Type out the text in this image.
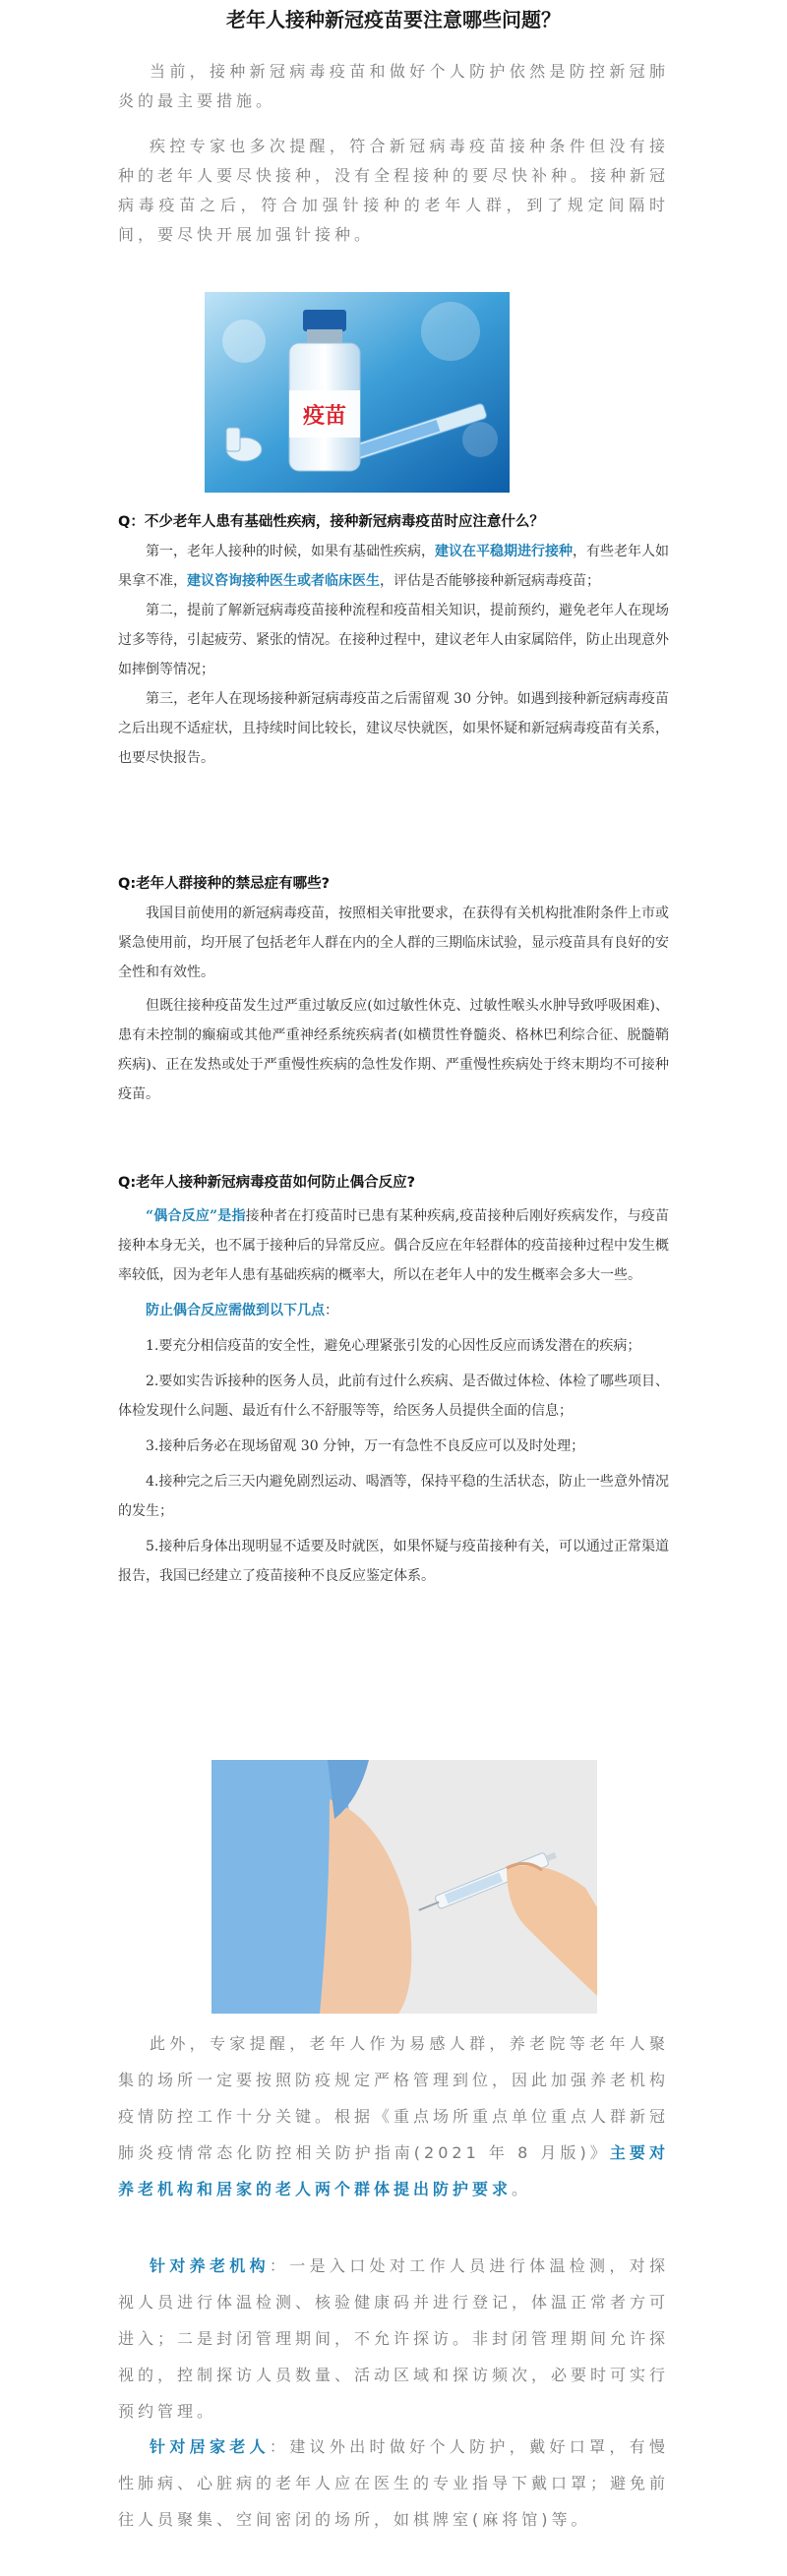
老年人接种新冠疫苗要注意哪些问题？

当前，接种新冠病毒疫苗和做好个人防护依然是防控新冠肺炎的最主要措施。

疾控专家也多次提醒，符合新冠病毒疫苗接种条件但没有接种的老年人要尽快接种，没有全程接种的要尽快补种。接种新冠病毒疫苗之后，符合加强针接种的老年人群，到了规定间隔时间，要尽快开展加强针接种。

疫苗
Q：不少老年人患有基础性疾病，接种新冠病毒疫苗时应注意什么？

第一，老年人接种的时候，如果有基础性疾病，建议在平稳期进行接种，有些老年人如果拿不准，建议咨询接种医生或者临床医生，评估是否能够接种新冠病毒疫苗；

第二，提前了解新冠病毒疫苗接种流程和疫苗相关知识，提前预约，避免老年人在现场过多等待，引起疲劳、紧张的情况。在接种过程中，建议老年人由家属陪伴，防止出现意外如摔倒等情况；

第三，老年人在现场接种新冠病毒疫苗之后需留观 30 分钟。如遇到接种新冠病毒疫苗之后出现不适症状，且持续时间比较长，建议尽快就医，如果怀疑和新冠病毒疫苗有关系，也要尽快报告。

Q:老年人群接种的禁忌症有哪些?

我国目前使用的新冠病毒疫苗，按照相关审批要求，在获得有关机构批准附条件上市或紧急使用前，均开展了包括老年人群在内的全人群的三期临床试验，显示疫苗具有良好的安全性和有效性。

但既往接种疫苗发生过严重过敏反应(如过敏性休克、过敏性喉头水肿导致呼吸困难)、患有未控制的癫痫或其他严重神经系统疾病者(如横贯性脊髓炎、格林巴利综合征、脱髓鞘疾病)、正在发热或处于严重慢性疾病的急性发作期、严重慢性疾病处于终末期均不可接种疫苗。

Q:老年人接种新冠病毒疫苗如何防止偶合反应?

“偶合反应”是指接种者在打疫苗时已患有某种疾病,疫苗接种后刚好疾病发作，与疫苗接种本身无关，也不属于接种后的异常反应。偶合反应在年轻群体的疫苗接种过程中发生概率较低，因为老年人患有基础疾病的概率大，所以在老年人中的发生概率会多大一些。

防止偶合反应需做到以下几点：

1.要充分相信疫苗的安全性，避免心理紧张引发的心因性反应而诱发潜在的疾病；

2.要如实告诉接种的医务人员，此前有过什么疾病、是否做过体检、体检了哪些项目、体检发现什么问题、最近有什么不舒服等等，给医务人员提供全面的信息；

3.接种后务必在现场留观 30 分钟，万一有急性不良反应可以及时处理；

4.接种完之后三天内避免剧烈运动、喝酒等，保持平稳的生活状态，防止一些意外情况的发生；

5.接种后身体出现明显不适要及时就医，如果怀疑与疫苗接种有关，可以通过正常渠道报告，我国已经建立了疫苗接种不良反应鉴定体系。

此外，专家提醒，老年人作为易感人群，养老院等老年人聚集的场所一定要按照防疫规定严格管理到位，因此加强养老机构疫情防控工作十分关键。根据《重点场所重点单位重点人群新冠肺炎疫情常态化防控相关防护指南(2021 年 8 月版)》主要对养老机构和居家的老人两个群体提出防护要求。

针对养老机构：一是入口处对工作人员进行体温检测，对探视人员进行体温检测、核验健康码并进行登记，体温正常者方可进入；二是封闭管理期间，不允许探访。非封闭管理期间允许探视的，控制探访人员数量、活动区域和探访频次，必要时可实行预约管理。

针对居家老人：建议外出时做好个人防护，戴好口罩，有慢性肺病、心脏病的老年人应在医生的专业指导下戴口罩；避免前往人员聚集、空间密闭的场所，如棋牌室(麻将馆)等。
